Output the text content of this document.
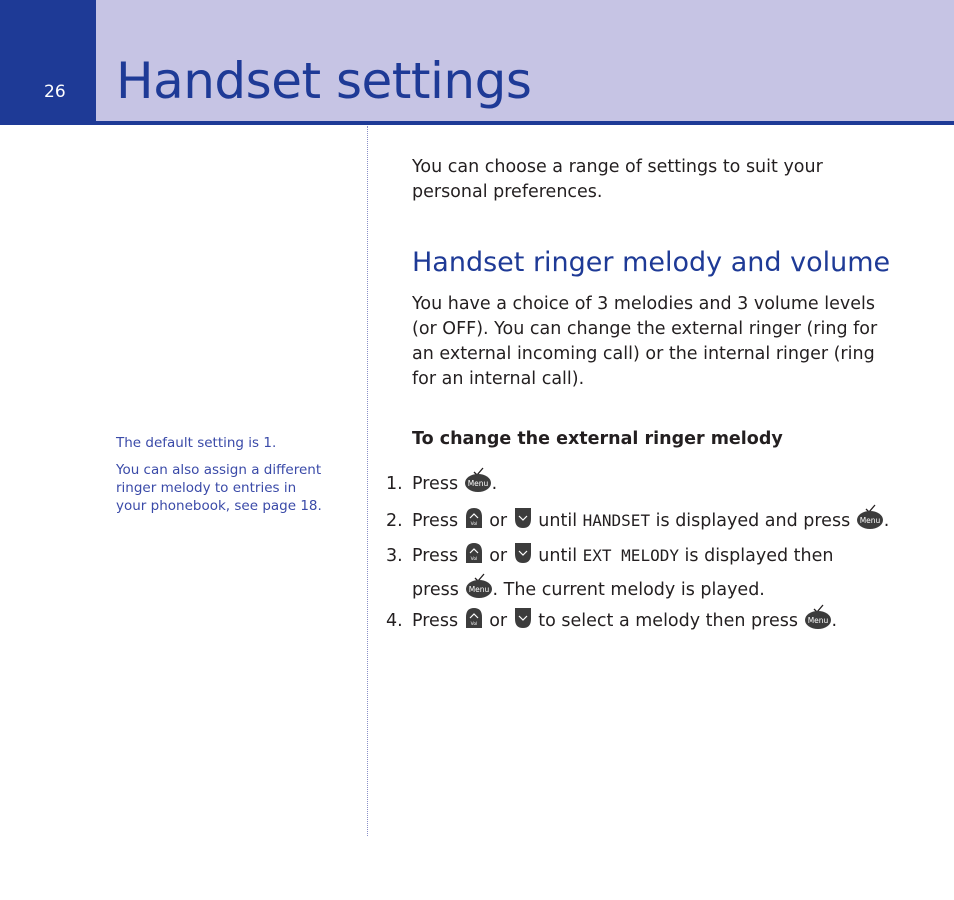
26 Handset settings
The default setting is 1.
You can also assign a different ringer melody to entries in your phonebook, see page 18.
You can choose a range of settings to suit your personal preferences.
Handset ringer melody and volume
You have a choice of 3 melodies and 3 volume levels (or OFF). You can change the external ringer (ring for an external incoming call) or the internal ringer (ring for an internal call).
To change the external ringer melody
1. Press Menu .
2. Press	Vol or until HANDSET is displayed and press Menu .
3. Press	Vol or until EXT MELODY is displayed then
press Menu . The current melody is played.
4. Press	Vol or to select a melody then press Menu .
